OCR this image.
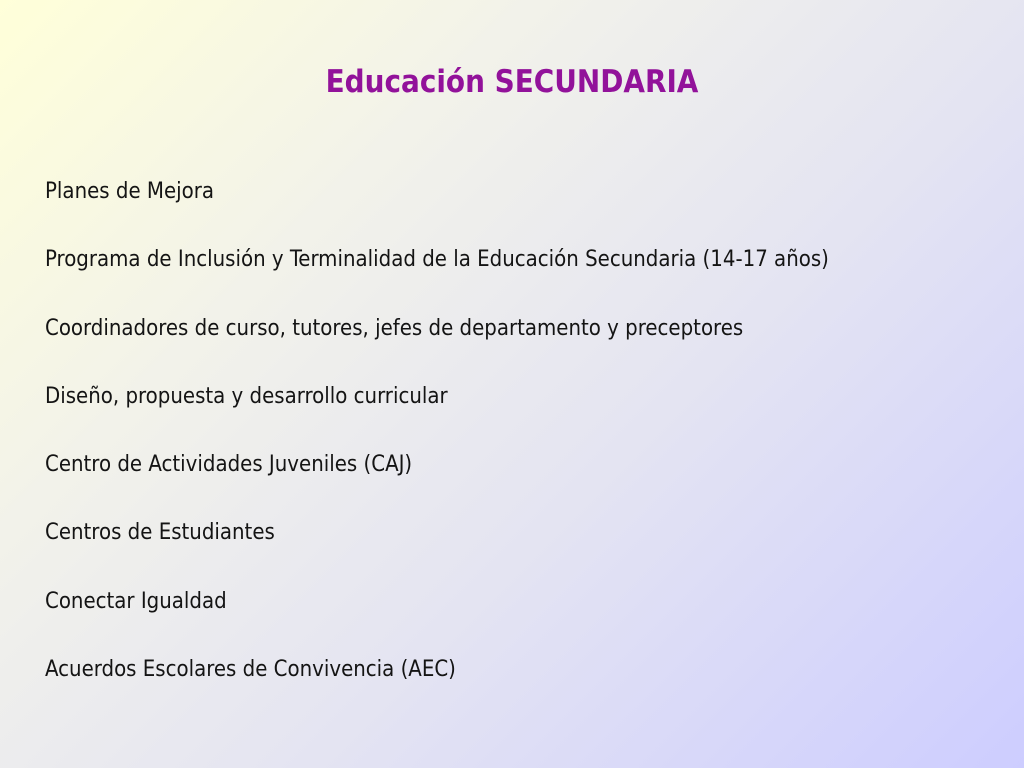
Educación SECUNDARIA
Planes de Mejora
Programa de Inclusión y Terminalidad de la Educación Secundaria (14-17 años)
Coordinadores de curso, tutores, jefes de departamento y preceptores
Diseño, propuesta y desarrollo curricular
Centro de Actividades Juveniles (CAJ)
Centros de Estudiantes
Conectar Igualdad
Acuerdos Escolares de Convivencia (AEC)
